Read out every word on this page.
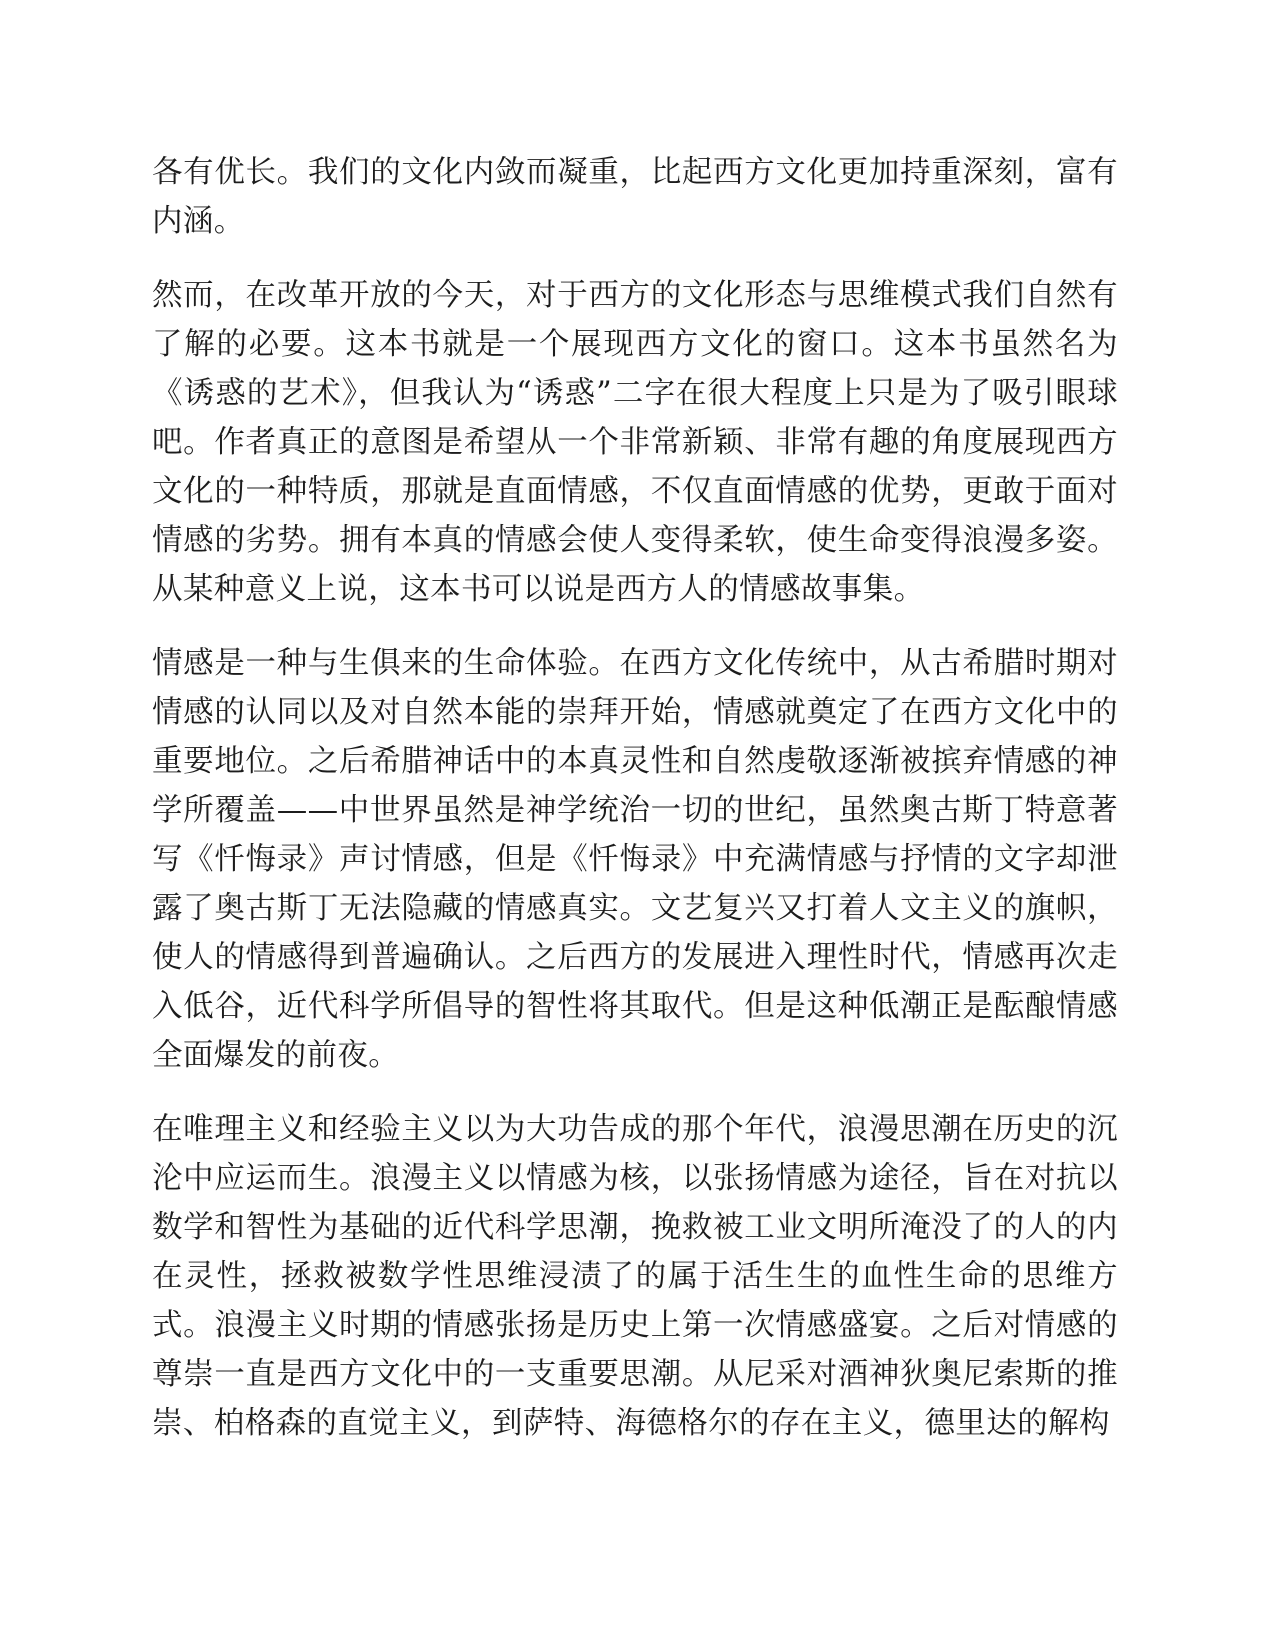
各有优长。我们的文化内敛而凝重，比起西方文化更加持重深刻，富有内涵。

然而，在改革开放的今天，对于西方的文化形态与思维模式我们自然有了解的必要。这本书就是一个展现西方文化的窗口。这本书虽然名为《诱惑的艺术》，但我认为“诱惑”二字在很大程度上只是为了吸引眼球吧。作者真正的意图是希望从一个非常新颖、非常有趣的角度展现西方文化的一种特质，那就是直面情感，不仅直面情感的优势，更敢于面对情感的劣势。拥有本真的情感会使人变得柔软，使生命变得浪漫多姿。从某种意义上说，这本书可以说是西方人的情感故事集。

情感是一种与生俱来的生命体验。在西方文化传统中，从古希腊时期对情感的认同以及对自然本能的崇拜开始，情感就奠定了在西方文化中的重要地位。之后希腊神话中的本真灵性和自然虔敬逐渐被摈弃情感的神学所覆盖——中世界虽然是神学统治一切的世纪，虽然奥古斯丁特意著写《忏悔录》声讨情感，但是《忏悔录》中充满情感与抒情的文字却泄露了奥古斯丁无法隐藏的情感真实。文艺复兴又打着人文主义的旗帜，使人的情感得到普遍确认。之后西方的发展进入理性时代，情感再次走入低谷，近代科学所倡导的智性将其取代。但是这种低潮正是酝酿情感全面爆发的前夜。

在唯理主义和经验主义以为大功告成的那个年代，浪漫思潮在历史的沉沦中应运而生。浪漫主义以情感为核，以张扬情感为途径，旨在对抗以数学和智性为基础的近代科学思潮，挽救被工业文明所淹没了的人的内在灵性，拯救被数学性思维浸渍了的属于活生生的血性生命的思维方式。浪漫主义时期的情感张扬是历史上第一次情感盛宴。之后对情感的尊崇一直是西方文化中的一支重要思潮。从尼采对酒神狄奥尼索斯的推崇、柏格森的直觉主义，到萨特、海德格尔的存在主义，德里达的解构
